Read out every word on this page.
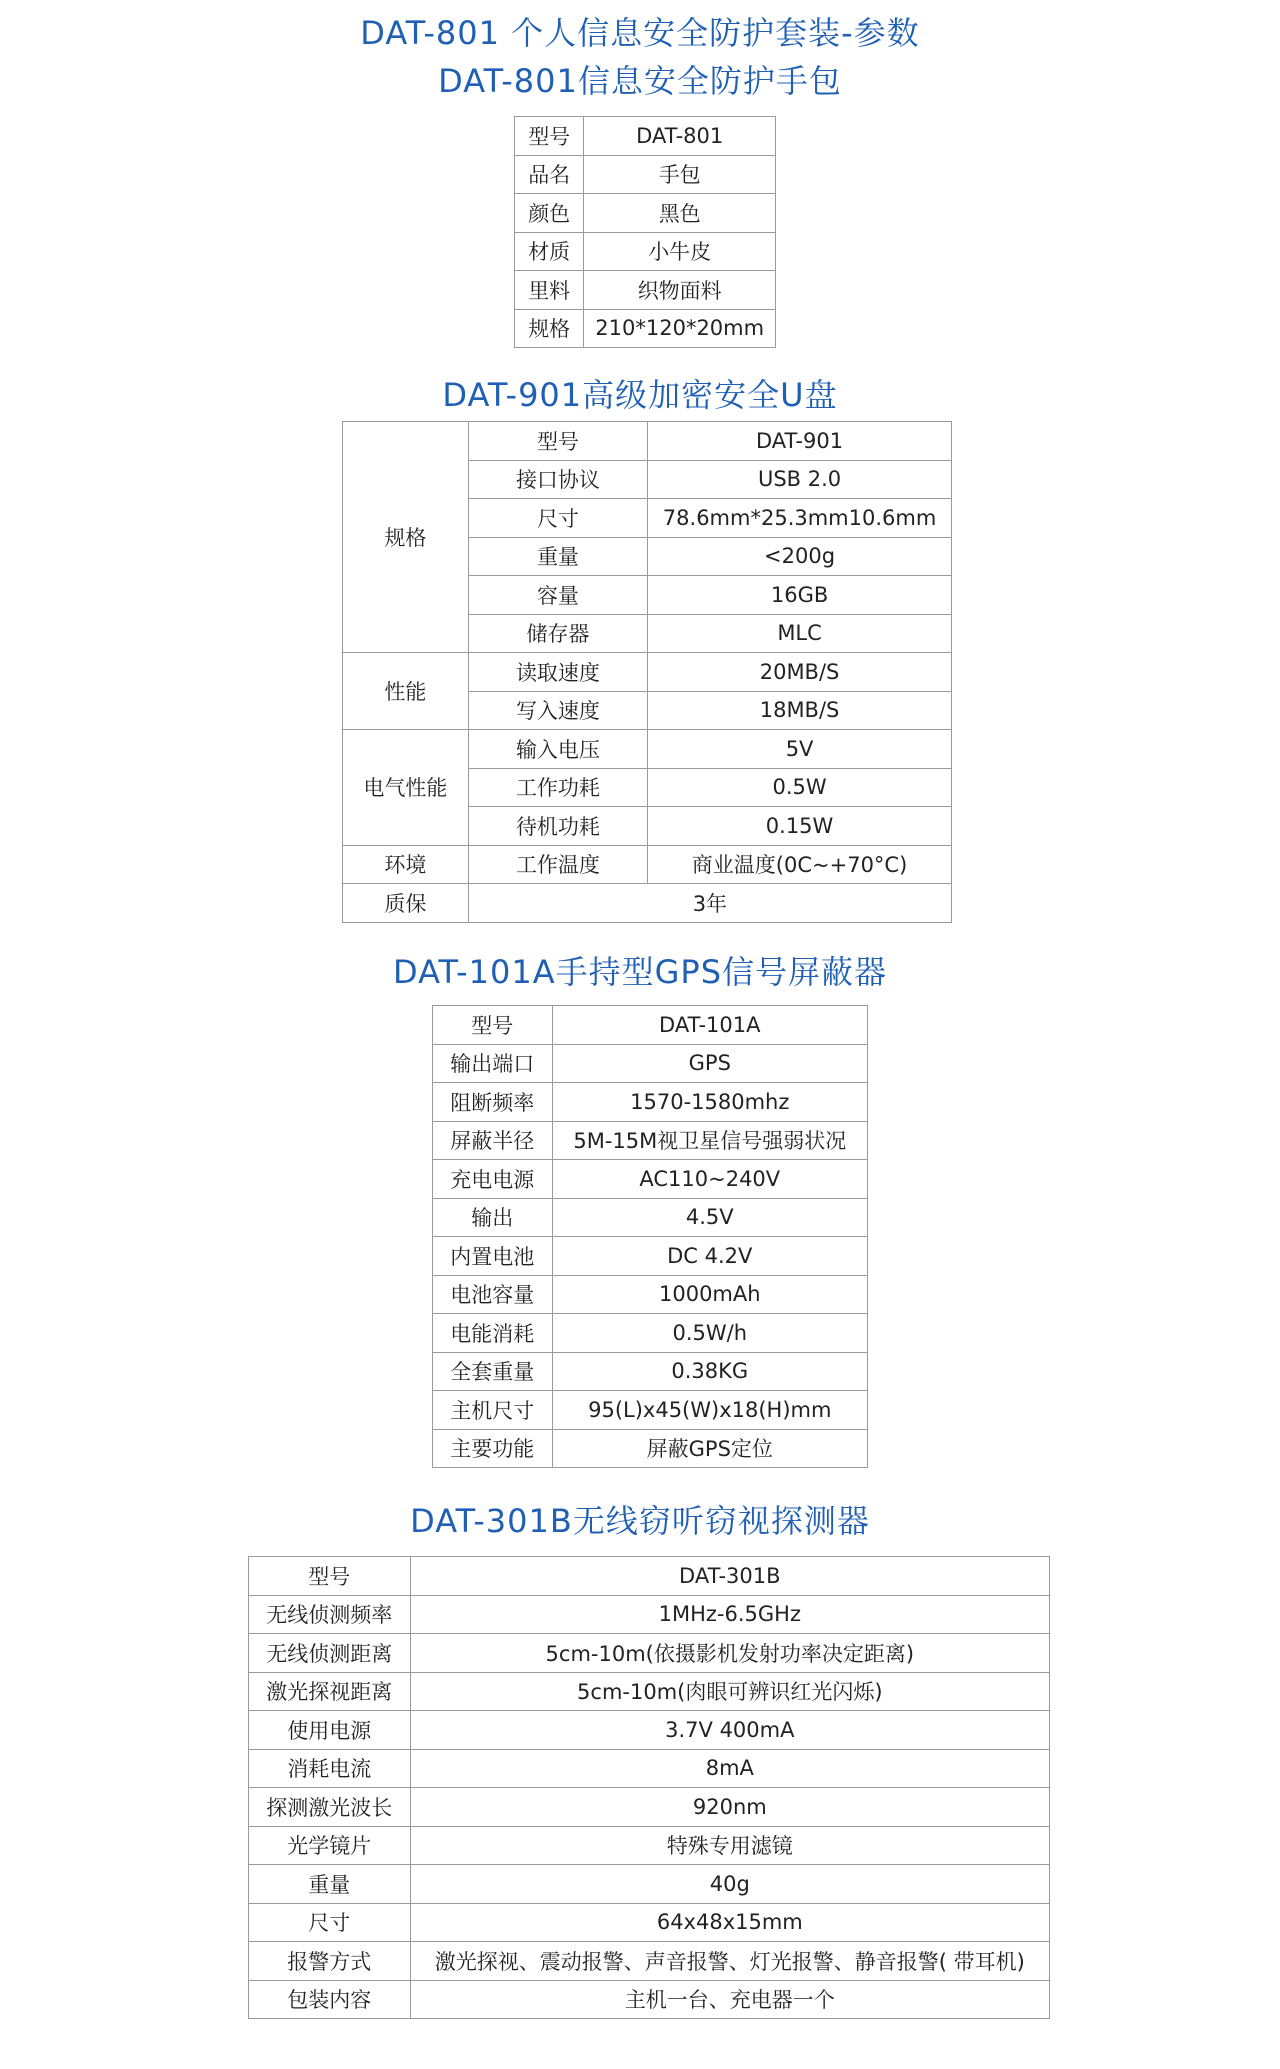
DAT-801 个人信息安全防护套装-参数
DAT-801信息安全防护手包
型号	DAT-801
品名	手包
颜色	黑色
材质	小牛皮
里料	织物面料
规格	210*120*20mm
DAT-901高级加密安全U盘
规格	型号	DAT-901
	接口协议	USB 2.0
	尺寸	78.6mm*25.3mm10.6mm
	重量	<200g
	容量	16GB
	储存器	MLC
性能	读取速度	20MB/S
	写入速度	18MB/S
电气性能	输入电压	5V
	工作功耗	0.5W
	待机功耗	0.15W
环境	工作温度	商业温度(0C~+70°C)
质保	3年	
DAT-101A手持型GPS信号屏蔽器
型号	DAT-101A
输出端口	GPS
阻断频率	1570-1580mhz
屏蔽半径	5M-15M视卫星信号强弱状况
充电电源	AC110~240V
输出	4.5V
内置电池	DC 4.2V
电池容量	1000mAh
电能消耗	0.5W/h
全套重量	0.38KG
主机尺寸	95(L)x45(W)x18(H)mm
主要功能	屏蔽GPS定位
DAT-301B无线窃听窃视探测器
型号	DAT-301B
无线侦测频率	1MHz-6.5GHz
无线侦测距离	5cm-10m(依摄影机发射功率决定距离)
激光探视距离	5cm-10m(肉眼可辨识红光闪烁)
使用电源	3.7V 400mA
消耗电流	8mA
探测激光波长	920nm
光学镜片	特殊专用滤镜
重量	40g
尺寸	64x48x15mm
报警方式	激光探视、震动报警、声音报警、灯光报警、静音报警( 带耳机)
包装内容	主机一台、充电器一个
